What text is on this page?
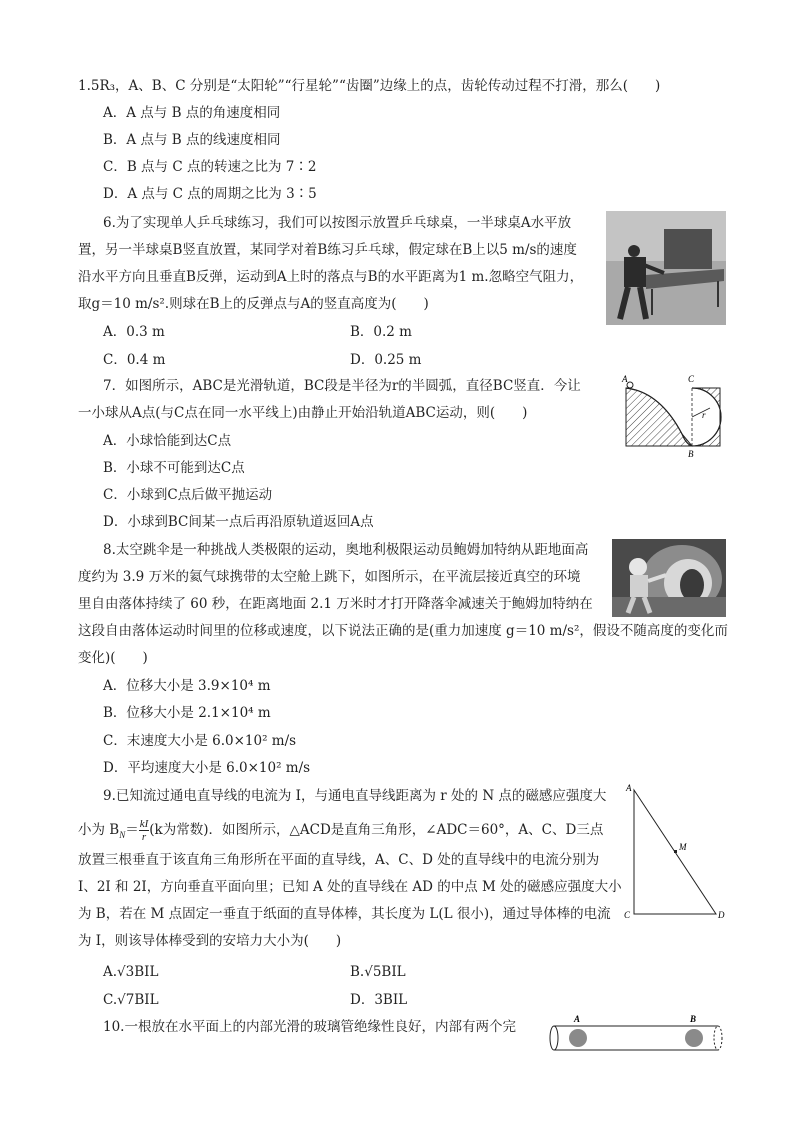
1.5R₃，A、B、C 分别是“太阳轮”“行星轮”“齿圈”边缘上的点，齿轮传动过程不打滑，那么(　　)
A．A 点与 B 点的角速度相同
B．A 点与 B 点的线速度相同
C．B 点与 C 点的转速之比为 7∶2
D．A 点与 C 点的周期之比为 3∶5
6.为了实现单人乒乓球练习，我们可以按图示放置乒乓球桌，一半球桌A水平放
置，另一半球桌B竖直放置，某同学对着B练习乒乓球，假定球在B上以5 m/s的速度
沿水平方向且垂直B反弹，运动到A上时的落点与B的水平距离为1 m.忽略空气阻力，
取g＝10 m/s².则球在B上的反弹点与A的竖直高度为(　　)
A．0.3 m	B．0.2 m
C．0.4 m	D．0.25 m
7．如图所示，ABC是光滑轨道，BC段是半径为r的半圆弧，直径BC竖直．今让
一小球从A点(与C点在同一水平线上)由静止开始沿轨道ABC运动，则(　　)
A．小球恰能到达C点
B．小球不可能到达C点
C．小球到C点后做平抛运动
D．小球到BC间某一点后再沿原轨道返回A点
A	C
B
r
8.太空跳伞是一种挑战人类极限的运动，奥地利极限运动员鲍姆加特纳从距地面高
度约为 3.9 万米的氦气球携带的太空舱上跳下，如图所示，在平流层接近真空的环境
里自由落体持续了 60 秒，在距离地面 2.1 万米时才打开降落伞减速关于鲍姆加特纳在
这段自由落体运动时间里的位移或速度，以下说法正确的是(重力加速度 g＝10 m/s²，假设不随高度的变化而
变化)(　　)
A．位移大小是 3.9×10⁴ m
B．位移大小是 2.1×10⁴ m
C．末速度大小是 6.0×10² m/s
D．平均速度大小是 6.0×10² m/s
9.已知流过通电直导线的电流为 I，与通电直导线距离为 r 处的 N 点的磁感应强度大
小为 $B_N= \frac{kI}{r} (k$为常数)．如图所示，△ACD是直角三角形，∠ADC＝60°，A、C、D三点
放置三根垂直于该直角三角形所在平面的直导线，A、C、D 处的直导线中的电流分别为
I、2I 和 2I，方向垂直平面向里；已知 A 处的直导线在 AD 的中点 M 处的磁感应强度大小
为 B，若在 M 点固定一垂直于纸面的直导体棒，其长度为 L(L 很小)，通过导体棒的电流
为 I，则该导体棒受到的安培力大小为(　　)
A.√3BIL	B.√5BIL
C.√7BIL	D．3BIL
A
M
C	D
10.一根放在水平面上的内部光滑的玻璃管绝缘性良好，内部有两个完	A	B
